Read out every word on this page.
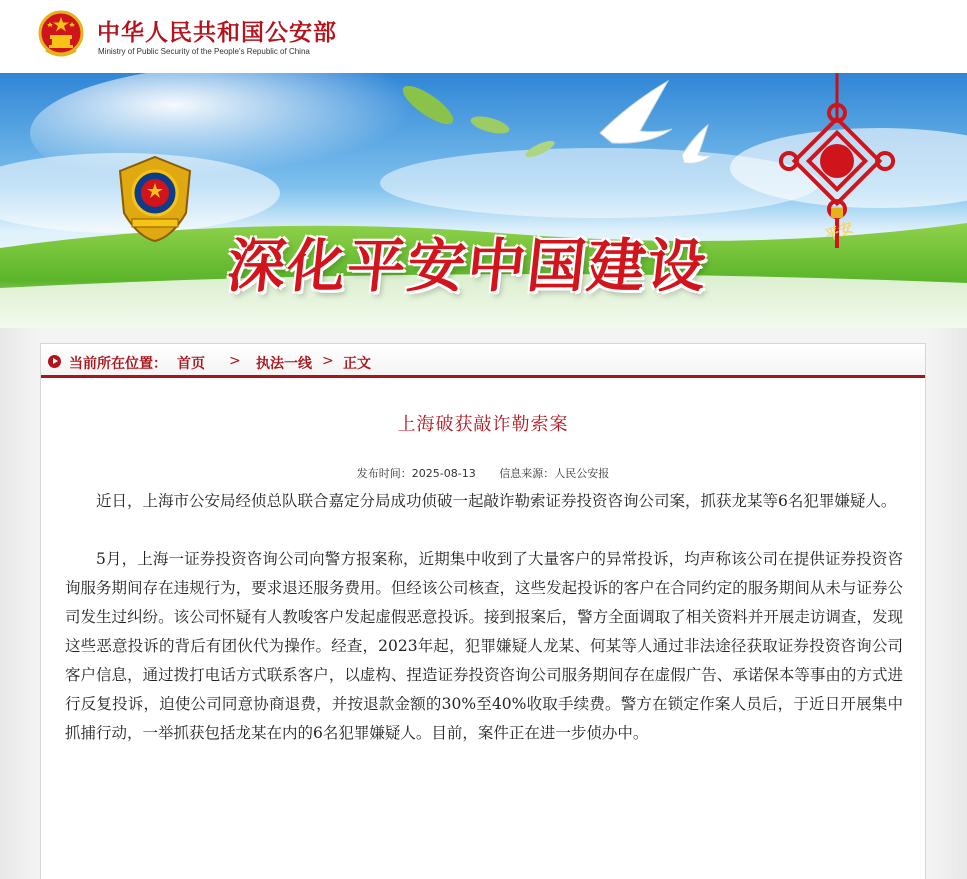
中华人民共和国公安部
Ministry of Public Security of the People's Republic of China
平安
深化平安中国建设
当前所在位置： 首页 > 执法一线 > 正文
上海破获敲诈勒索案
发布时间：2025-08-13 信息来源：人民公安报

近日，上海市公安局经侦总队联合嘉定分局成功侦破一起敲诈勒索证券投资咨询公司案，抓获龙某等6名犯罪嫌疑人。

5月，上海一证券投资咨询公司向警方报案称，近期集中收到了大量客户的异常投诉，均声称该公司在提供证券投资咨询服务期间存在违规行为，要求退还服务费用。但经该公司核查，这些发起投诉的客户在合同约定的服务期间从未与证券公司发生过纠纷。该公司怀疑有人教唆客户发起虚假恶意投诉。接到报案后，警方全面调取了相关资料并开展走访调查，发现这些恶意投诉的背后有团伙代为操作。经查，2023年起，犯罪嫌疑人龙某、何某等人通过非法途径获取证券投资咨询公司客户信息，通过拨打电话方式联系客户，以虚构、捏造证券投资咨询公司服务期间存在虚假广告、承诺保本等事由的方式进行反复投诉，迫使公司同意协商退费，并按退款金额的30%至40%收取手续费。警方在锁定作案人员后，于近日开展集中抓捕行动，一举抓获包括龙某在内的6名犯罪嫌疑人。目前，案件正在进一步侦办中。
